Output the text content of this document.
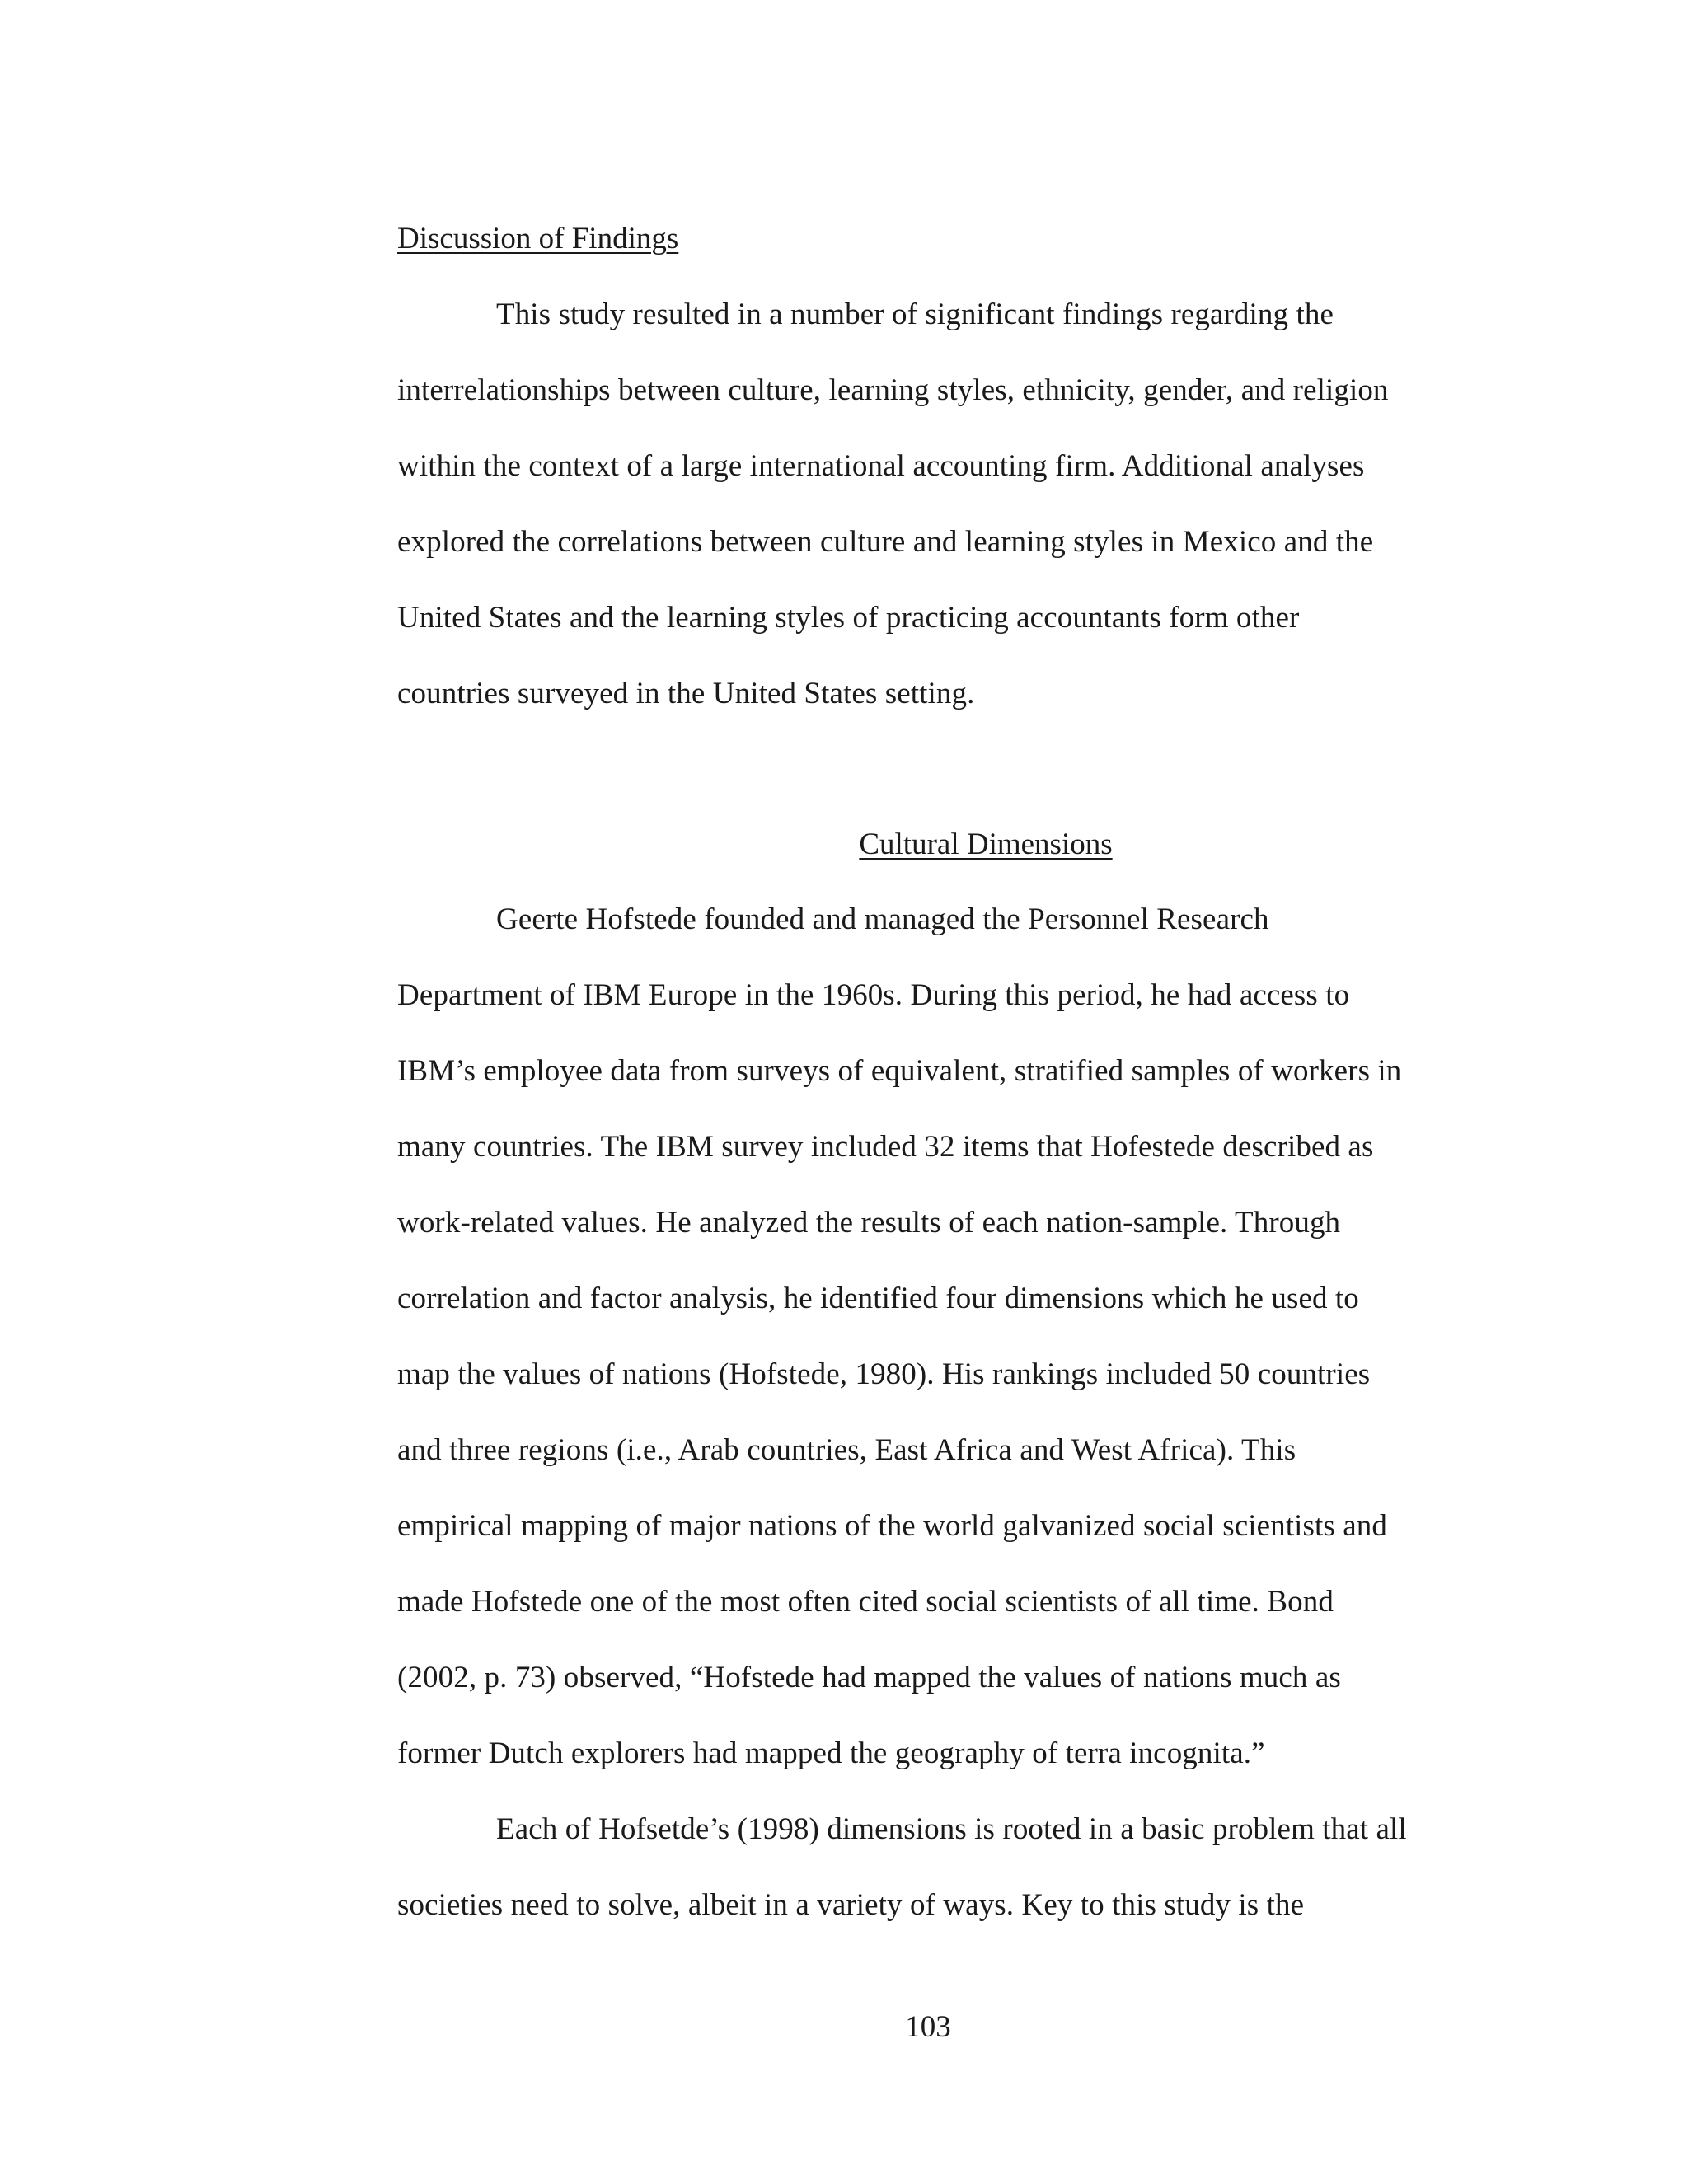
Discussion of Findings
This study resulted in a number of significant findings regarding the
interrelationships between culture, learning styles, ethnicity, gender, and religion
within the context of a large international accounting firm. Additional analyses
explored the correlations between culture and learning styles in Mexico and the
United States and the learning styles of practicing accountants form other
countries surveyed in the United States setting.
Cultural Dimensions
Geerte Hofstede founded and managed the Personnel Research
Department of IBM Europe in the 1960s. During this period, he had access to
IBM’s employee data from surveys of equivalent, stratified samples of workers in
many countries. The IBM survey included 32 items that Hofestede described as
work-related values. He analyzed the results of each nation-sample. Through
correlation and factor analysis, he identified four dimensions which he used to
map the values of nations (Hofstede, 1980). His rankings included 50 countries
and three regions (i.e., Arab countries, East Africa and West Africa). This
empirical mapping of major nations of the world galvanized social scientists and
made Hofstede one of the most often cited social scientists of all time. Bond
(2002, p. 73) observed, “Hofstede had mapped the values of nations much as
former Dutch explorers had mapped the geography of terra incognita.”
Each of Hofsetde’s (1998) dimensions is rooted in a basic problem that all
societies need to solve, albeit in a variety of ways. Key to this study is the
103
